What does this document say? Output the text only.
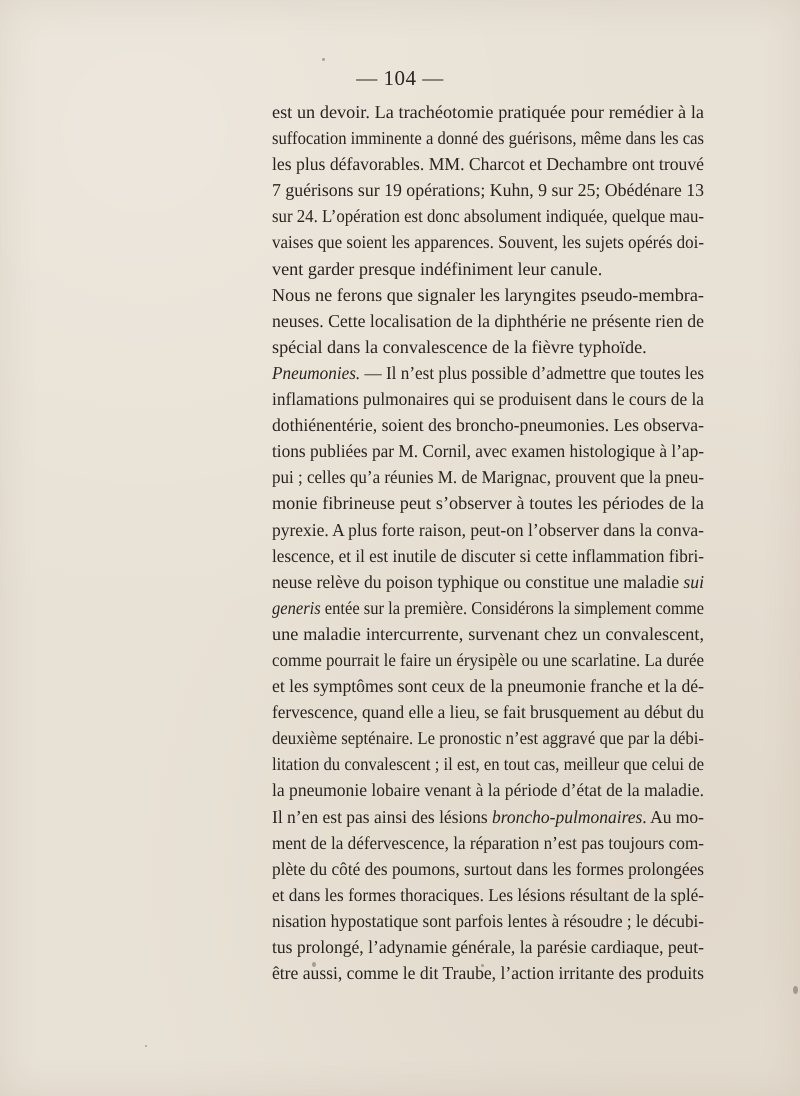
— 104 —
est un devoir. La trachéotomie pratiquée pour remédier à la
suffocation imminente a donné des guérisons, même dans les cas
les plus défavorables. MM. Charcot et Dechambre ont trouvé
7 guérisons sur 19 opérations; Kuhn, 9 sur 25; Obédénare 13
sur 24. L’opération est donc absolument indiquée, quelque mau-
vaises que soient les apparences. Souvent, les sujets opérés doi-
vent garder presque indéfiniment leur canule.
Nous ne ferons que signaler les laryngites pseudo-membra-
neuses. Cette localisation de la diphthérie ne présente rien de
spécial dans la convalescence de la fièvre typhoïde.
Pneumonies. — Il n’est plus possible d’admettre que toutes les
inflamations pulmonaires qui se produisent dans le cours de la
dothiénentérie, soient des broncho-pneumonies. Les observa-
tions publiées par M. Cornil, avec examen histologique à l’ap-
pui ; celles qu’a réunies M. de Marignac, prouvent que la pneu-
monie fibrineuse peut s’observer à toutes les périodes de la
pyrexie. A plus forte raison, peut-on l’observer dans la conva-
lescence, et il est inutile de discuter si cette inflammation fibri-
neuse relève du poison typhique ou constitue une maladie sui
generis entée sur la première. Considérons la simplement comme
une maladie intercurrente, survenant chez un convalescent,
comme pourrait le faire un érysipèle ou une scarlatine. La durée
et les symptômes sont ceux de la pneumonie franche et la dé-
fervescence, quand elle a lieu, se fait brusquement au début du
deuxième septénaire. Le pronostic n’est aggravé que par la débi-
litation du convalescent ; il est, en tout cas, meilleur que celui de
la pneumonie lobaire venant à la période d’état de la maladie.
Il n’en est pas ainsi des lésions broncho-pulmonaires. Au mo-
ment de la défervescence, la réparation n’est pas toujours com-
plète du côté des poumons, surtout dans les formes prolongées
et dans les formes thoraciques. Les lésions résultant de la splé-
nisation hypostatique sont parfois lentes à résoudre ; le décubi-
tus prolongé, l’adynamie générale, la parésie cardiaque, peut-
être aussi, comme le dit Traube, l’action irritante des produits
